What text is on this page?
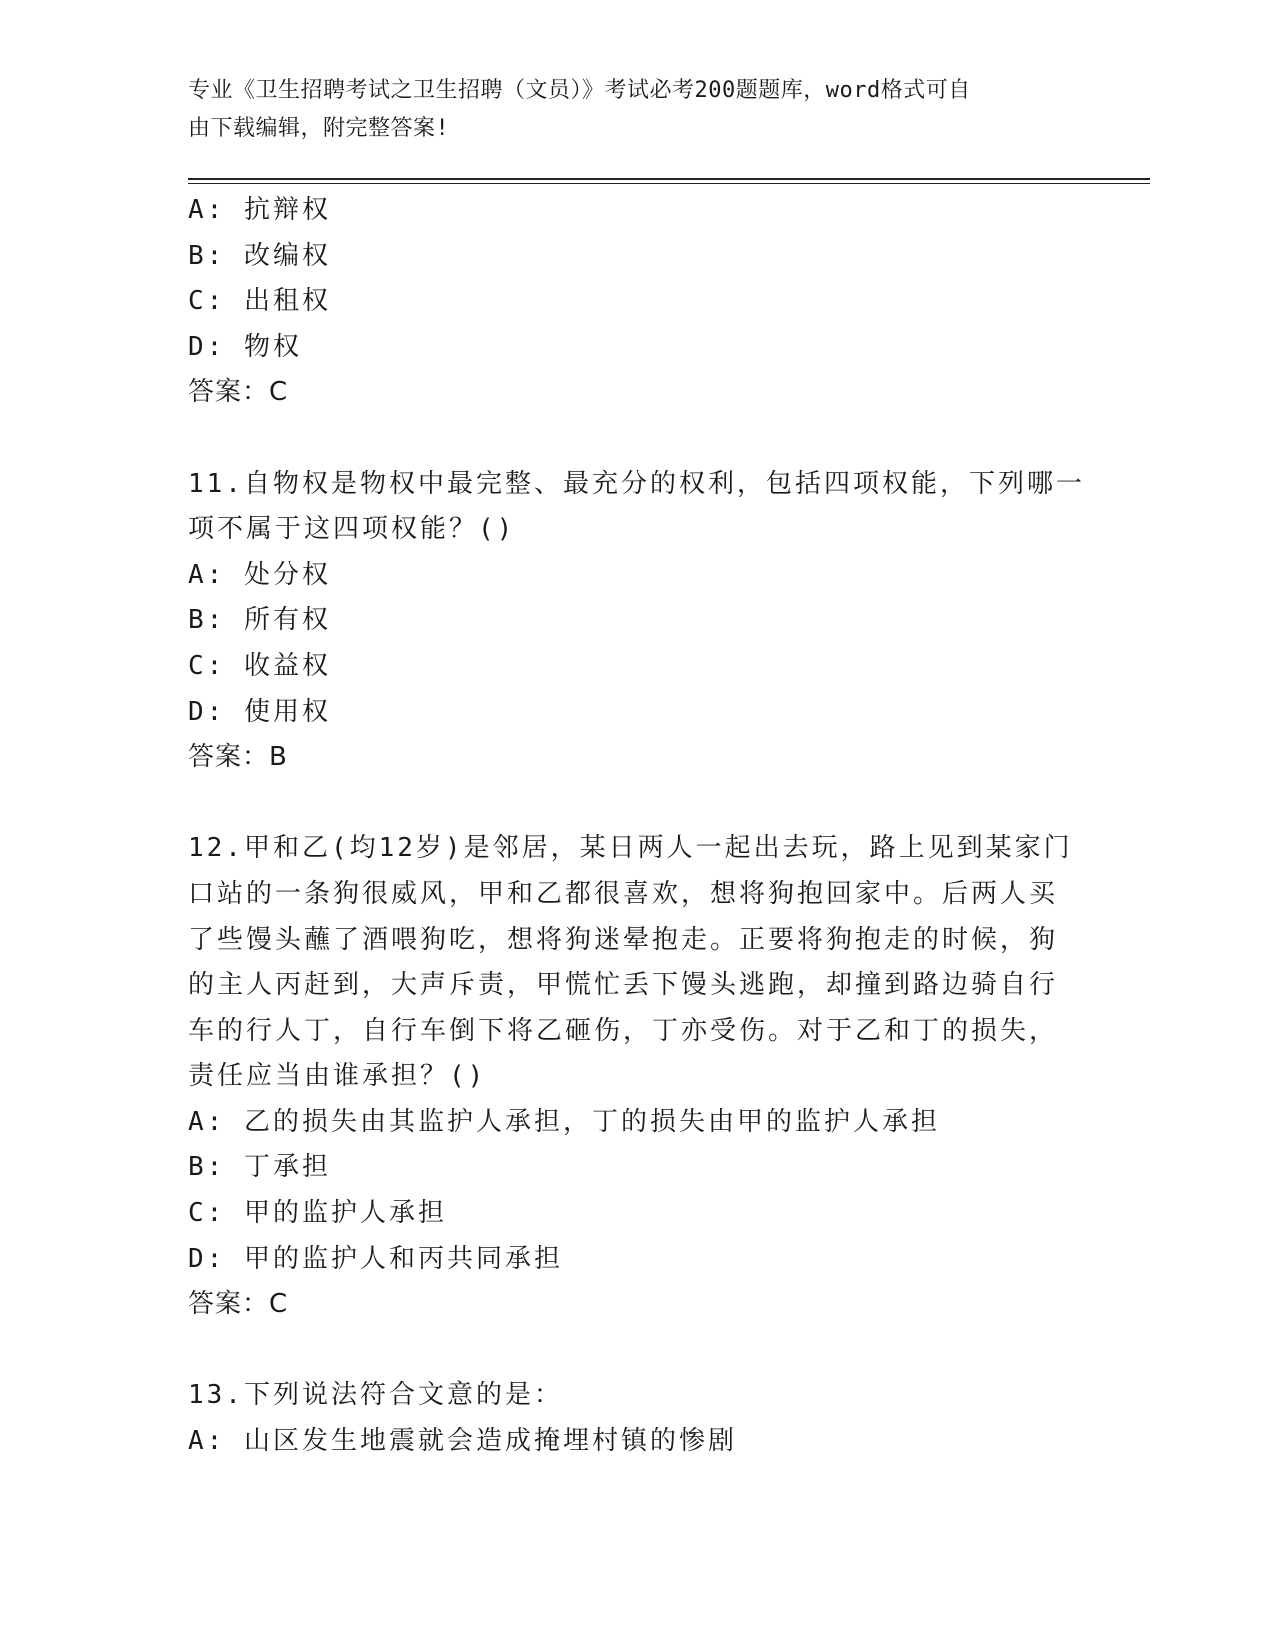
专业《卫生招聘考试之卫生招聘（文员）》考试必考200题题库，word格式可自
由下载编辑，附完整答案!
A: 抗辩权
B: 改编权
C: 出租权
D: 物权
答案：C
11.自物权是物权中最完整、最充分的权利，包括四项权能，下列哪一
项不属于这四项权能？()
A: 处分权
B: 所有权
C: 收益权
D: 使用权
答案：B
12.甲和乙(均12岁)是邻居，某日两人一起出去玩，路上见到某家门
口站的一条狗很威风，甲和乙都很喜欢，想将狗抱回家中。后两人买
了些馒头蘸了酒喂狗吃，想将狗迷晕抱走。正要将狗抱走的时候，狗
的主人丙赶到，大声斥责，甲慌忙丢下馒头逃跑，却撞到路边骑自行
车的行人丁，自行车倒下将乙砸伤，丁亦受伤。对于乙和丁的损失，
责任应当由谁承担？()
A: 乙的损失由其监护人承担，丁的损失由甲的监护人承担
B: 丁承担
C: 甲的监护人承担
D: 甲的监护人和丙共同承担
答案：C
13.下列说法符合文意的是：
A: 山区发生地震就会造成掩埋村镇的惨剧
